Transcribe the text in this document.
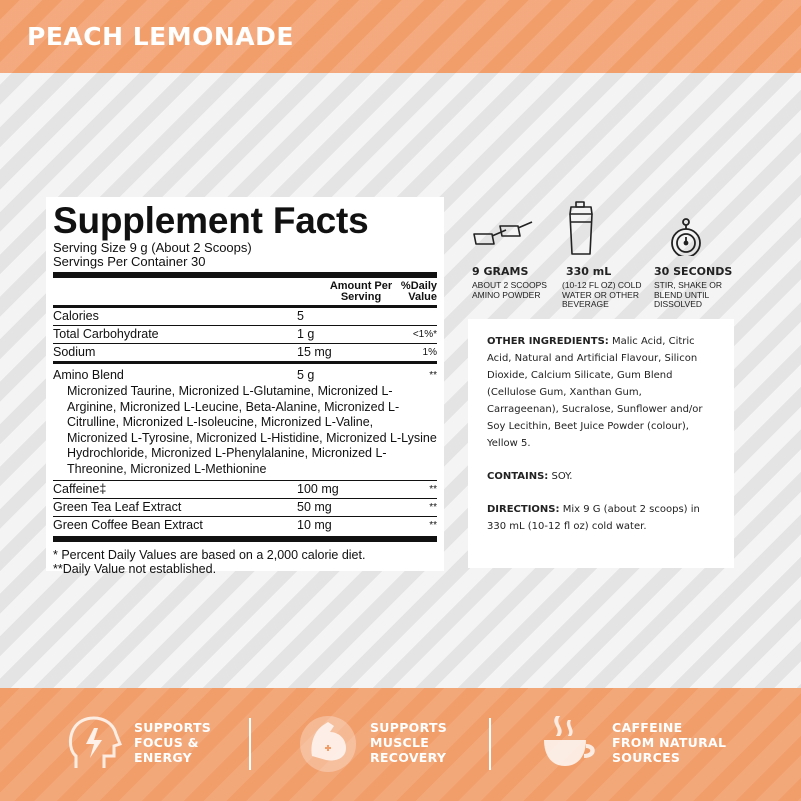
PEACH LEMONADE
Supplement Facts
Serving Size 9 g (About 2 Scoops)
Servings Per Container 30
Amount Per Serving
%Daily Value
Calories	5
Total Carbohydrate	1 g	<1%*
Sodium	15 mg	1%
Amino Blend	5 g	**
Micronized Taurine, Micronized L-Glutamine, Micronized L-Arginine, Micronized L-Leucine, Beta-Alanine, Micronized L-Citrulline, Micronized L-Isoleucine, Micronized L-Valine, Micronized L-Tyrosine, Micronized L-Histidine, Micronized L-Lysine Hydrochloride, Micronized L-Phenylalanine, Micronized L-Threonine, Micronized L-Methionine
Caffeine‡	100 mg	**
Green Tea Leaf Extract	50 mg	**
Green Coffee Bean Extract	10 mg	**
* Percent Daily Values are based on a 2,000 calorie diet.
**Daily Value not established.
9 GRAMS
ABOUT 2 SCOOPS AMINO POWDER
330 mL
(10-12 FL OZ) COLD WATER OR OTHER BEVERAGE
30 SECONDS
STIR, SHAKE OR BLEND UNTIL DISSOLVED

OTHER INGREDIENTS: Malic Acid, Citric Acid, Natural and Artificial Flavour, Silicon Dioxide, Calcium Silicate, Gum Blend (Cellulose Gum, Xanthan Gum, Carrageenan), Sucralose, Sunflower and/or Soy Lecithin, Beet Juice Powder (colour), Yellow 5.

CONTAINS: SOY.

DIRECTIONS: Mix 9 G (about 2 scoops) in 330 mL (10-12 fl oz) cold water.

SUPPORTS
FOCUS &
ENERGY
SUPPORTS
MUSCLE
RECOVERY
CAFFEINE
FROM NATURAL
SOURCES
